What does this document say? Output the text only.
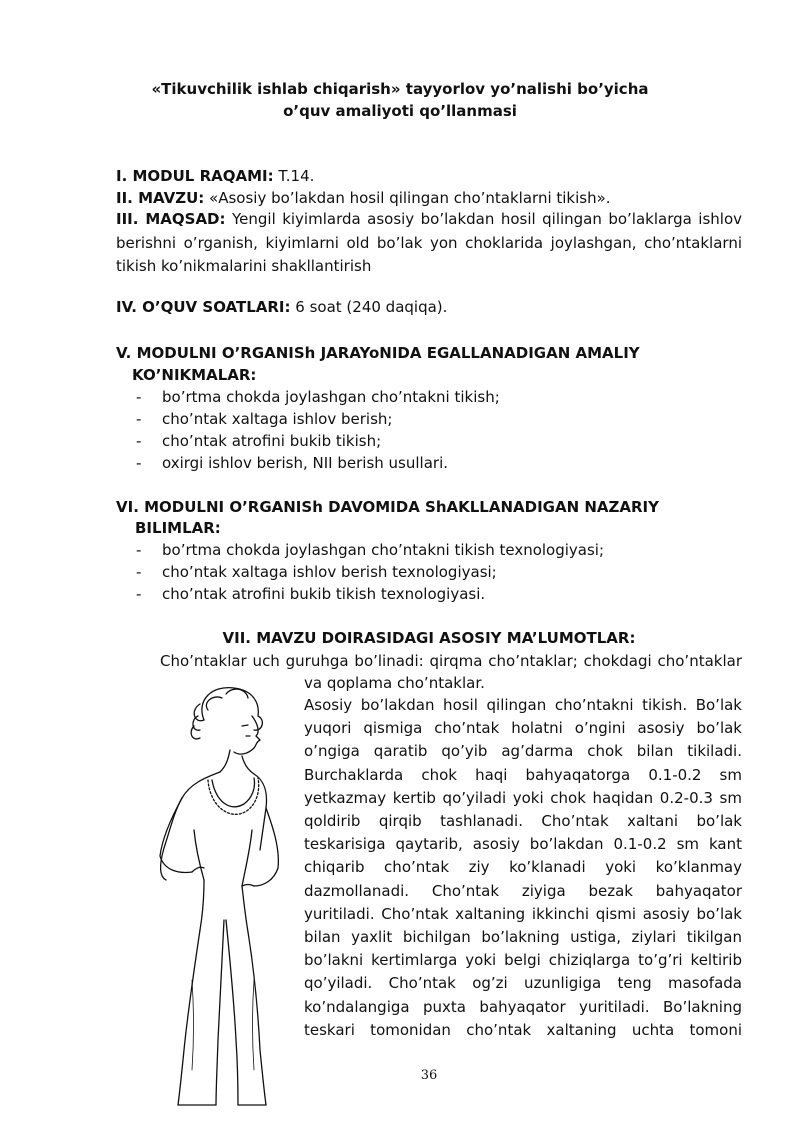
«Tikuvchilik ishlab chiqarish» tayyorlov yo’nalishi bo’yicha
o’quv amaliyoti qo’llanmasi
I. MODUL RAQAMI: T.14.
II. MAVZU: «Asosiy bo’lakdan hosil qilingan cho’ntaklarni tikish».
III. MAQSAD: Yengil kiyimlarda asosiy bo’lakdan hosil qilingan bo’laklarga ishlov
berishni o’rganish, kiyimlarni old bo’lak yon choklarida joylashgan, cho’ntaklarni
tikish ko’nikmalarini shakllantirish
IV. O’QUV SOATLARI: 6 soat (240 daqiqa).
V. MODULNI O’RGANISh JARAYoNIDA EGALLANADIGAN AMALIY
KO’NIKMALAR:
- bo’rtma chokda joylashgan cho’ntakni tikish;
- cho’ntak xaltaga ishlov berish;
- cho’ntak atrofini bukib tikish;
- oxirgi ishlov berish, NII berish usullari.
VI. MODULNI O’RGANISh DAVOMIDA ShAKLLANADIGAN NAZARIY
BILIMLAR:
- bo’rtma chokda joylashgan cho’ntakni tikish texnologiyasi;
- cho’ntak xaltaga ishlov berish texnologiyasi;
- cho’ntak atrofini bukib tikish texnologiyasi.
VII. MAVZU DOIRASIDAGI ASOSIY MA’LUMOTLAR:
Cho’ntaklar uch guruhga bo’linadi: qirqma cho’ntaklar; chokdagi cho’ntaklar
va qoplama cho’ntaklar.
Asosiy bo’lakdan hosil qilingan cho’ntakni tikish. Bo’lak
yuqori qismiga cho’ntak holatni o’ngini asosiy bo’lak
o’ngiga qaratib qo’yib ag’darma chok bilan tikiladi.
Burchaklarda chok haqi bahyaqatorga 0.1-0.2 sm
yetkazmay kertib qo’yiladi yoki chok haqidan 0.2-0.3 sm
qoldirib qirqib tashlanadi. Cho’ntak xaltani bo’lak
teskarisiga qaytarib, asosiy bo’lakdan 0.1-0.2 sm kant
chiqarib cho’ntak ziy ko’klanadi yoki ko’klanmay
dazmollanadi. Cho’ntak ziyiga bezak bahyaqator
yuritiladi. Cho’ntak xaltaning ikkinchi qismi asosiy bo’lak
bilan yaxlit bichilgan bo’lakning ustiga, ziylari tikilgan
bo’lakni kertimlarga yoki belgi chiziqlarga to’g’ri keltirib
qo’yiladi. Cho’ntak og’zi uzunligiga teng masofada
ko’ndalangiga puxta bahyaqator yuritiladi. Bo’lakning
teskari tomonidan cho’ntak xaltaning uchta tomoni
36
